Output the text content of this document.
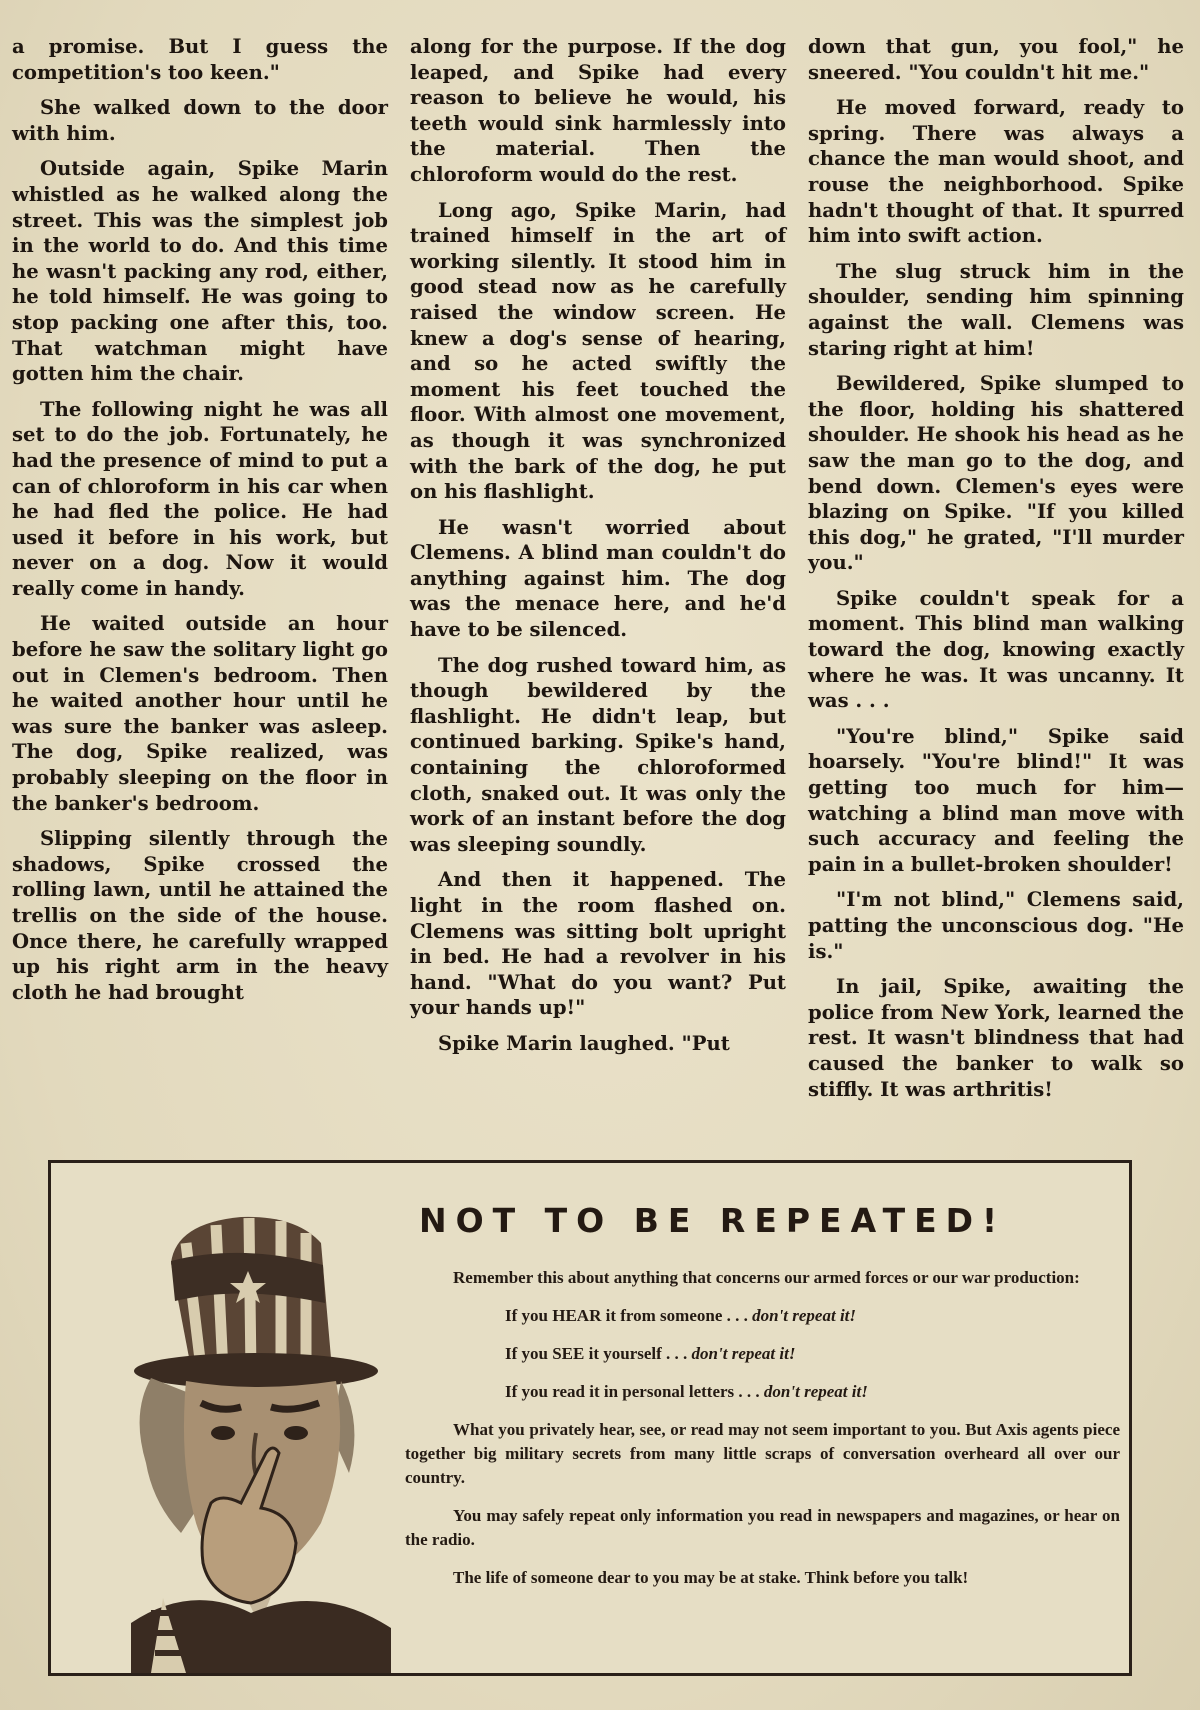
a promise. But I guess the competition's too keen."

She walked down to the door with him.

Outside again, Spike Marin whistled as he walked along the street. This was the simplest job in the world to do. And this time he wasn't packing any rod, either, he told himself. He was going to stop packing one after this, too. That watchman might have gotten him the chair.

The following night he was all set to do the job. Fortunately, he had the presence of mind to put a can of chloroform in his car when he had fled the police. He had used it before in his work, but never on a dog. Now it would really come in handy.

He waited outside an hour before he saw the solitary light go out in Clemen's bedroom. Then he waited another hour until he was sure the banker was asleep. The dog, Spike realized, was probably sleeping on the floor in the banker's bedroom.

Slipping silently through the shadows, Spike crossed the rolling lawn, until he attained the trellis on the side of the house. Once there, he carefully wrapped up his right arm in the heavy cloth he had brought

along for the purpose. If the dog leaped, and Spike had every reason to believe he would, his teeth would sink harmlessly into the material. Then the chloroform would do the rest.

Long ago, Spike Marin, had trained himself in the art of working silently. It stood him in good stead now as he carefully raised the window screen. He knew a dog's sense of hearing, and so he acted swiftly the moment his feet touched the floor. With almost one movement, as though it was synchronized with the bark of the dog, he put on his flashlight.

He wasn't worried about Clemens. A blind man couldn't do anything against him. The dog was the menace here, and he'd have to be silenced.

The dog rushed toward him, as though bewildered by the flashlight. He didn't leap, but continued barking. Spike's hand, containing the chloroformed cloth, snaked out. It was only the work of an instant before the dog was sleeping soundly.

And then it happened. The light in the room flashed on. Clemens was sitting bolt upright in bed. He had a revolver in his hand. "What do you want? Put your hands up!"

Spike Marin laughed. "Put

down that gun, you fool," he sneered. "You couldn't hit me."

He moved forward, ready to spring. There was always a chance the man would shoot, and rouse the neighborhood. Spike hadn't thought of that. It spurred him into swift action.

The slug struck him in the shoulder, sending him spinning against the wall. Clemens was staring right at him!

Bewildered, Spike slumped to the floor, holding his shattered shoulder. He shook his head as he saw the man go to the dog, and bend down. Clemen's eyes were blazing on Spike. "If you killed this dog," he grated, "I'll murder you."

Spike couldn't speak for a moment. This blind man walking toward the dog, knowing exactly where he was. It was uncanny. It was . . .

"You're blind," Spike said hoarsely. "You're blind!" It was getting too much for him—watching a blind man move with such accuracy and feeling the pain in a bullet-broken shoulder!

"I'm not blind," Clemens said, patting the unconscious dog. "He is."

In jail, Spike, awaiting the police from New York, learned the rest. It wasn't blindness that had caused the banker to walk so stiffly. It was arthritis!

NOT TO BE REPEATED!

Remember this about anything that concerns our armed forces or our war production:

If you HEAR it from someone . . . don't repeat it!

If you SEE it yourself . . . don't repeat it!

If you read it in personal letters . . . don't repeat it!

What you privately hear, see, or read may not seem important to you. But Axis agents piece together big military secrets from many little scraps of conversation overheard all over our country.

You may safely repeat only information you read in newspapers and magazines, or hear on the radio.

The life of someone dear to you may be at stake. Think before you talk!
